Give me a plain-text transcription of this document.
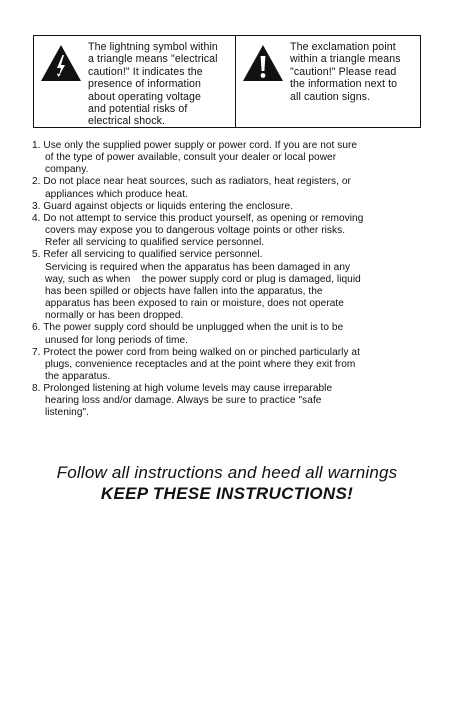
The lightning symbol within
a triangle means "electrical
caution!" It indicates the
presence of information
about operating voltage
and potential risks of
electrical shock.
The exclamation point
within a triangle means
"caution!" Please read
the information next to
all caution signs.
1. Use only the supplied power supply or power cord. If you are not sure
of the type of power available, consult your dealer or local power
company.
2. Do not place near heat sources, such as radiators, heat registers, or
appliances which produce heat.
3. Guard against objects or liquids entering the enclosure.
4. Do not attempt to service this product yourself, as opening or removing
covers may expose you to dangerous voltage points or other risks.
Refer all servicing to qualified service personnel.
5. Refer all servicing to qualified service personnel.
Servicing is required when the apparatus has been damaged in any
way, such as when    the power supply cord or plug is damaged, liquid
has been spilled or objects have fallen into the apparatus, the
apparatus has been exposed to rain or moisture, does not operate
normally or has been dropped.
6. The power supply cord should be unplugged when the unit is to be
unused for long periods of time.
7. Protect the power cord from being walked on or pinched particularly at
plugs, convenience receptacles and at the point where they exit from
the apparatus.
8. Prolonged listening at high volume levels may cause irreparable
hearing loss and/or damage. Always be sure to practice "safe
listening".
Follow all instructions and heed all warnings
KEEP THESE INSTRUCTIONS!
